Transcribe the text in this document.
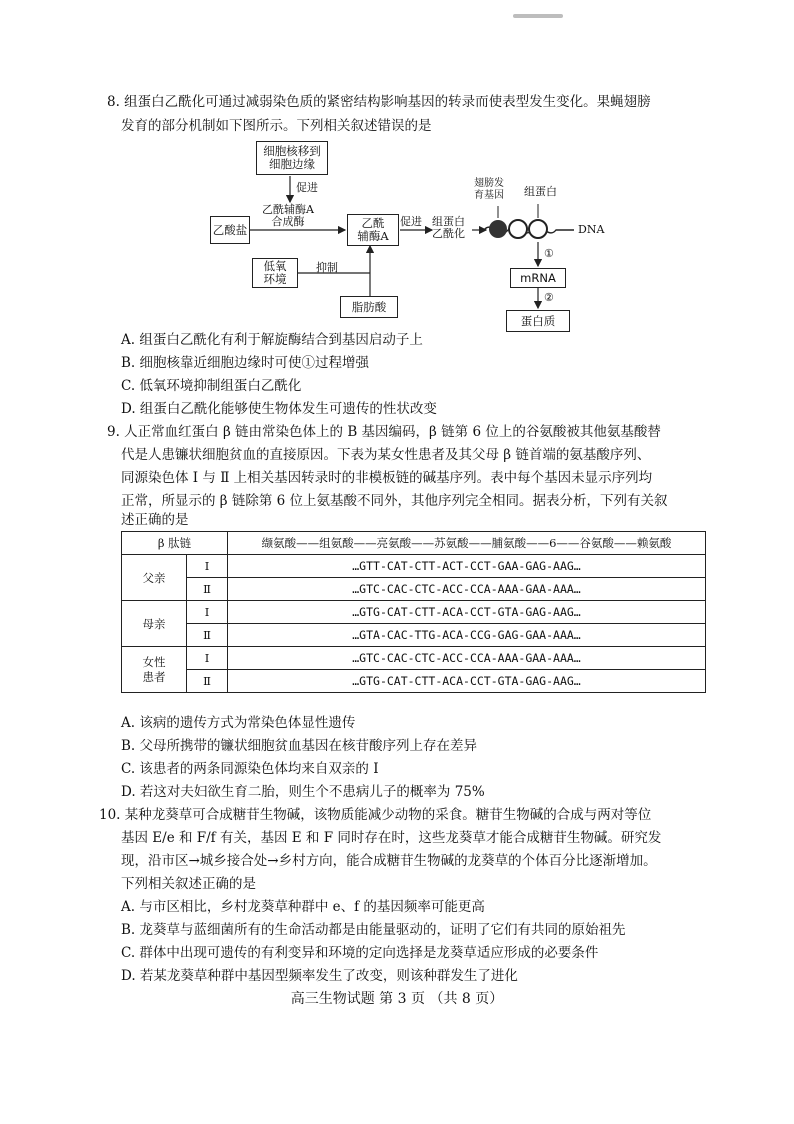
8. 组蛋白乙酰化可通过减弱染色质的紧密结构影响基因的转录而使表型发生变化。果蝇翅膀
发育的部分机制如下图所示。下列相关叙述错误的是
细胞核移到
细胞边缘
促进
乙酰辅酶A
合成酶
乙酸盐	乙酰
辅酶A
促进 组蛋白
乙酰化
低氧
环境
抑制
脂肪酸
翅膀发
育基因 组蛋白
DNA
①
mRNA
②
蛋白质
A. 组蛋白乙酰化有利于解旋酶结合到基因启动子上
B. 细胞核靠近细胞边缘时可使①过程增强
C. 低氧环境抑制组蛋白乙酰化
D. 组蛋白乙酰化能够使生物体发生可遗传的性状改变
9. 人正常血红蛋白 β 链由常染色体上的 B 基因编码，β 链第 6 位上的谷氨酸被其他氨基酸替
代是人患镰状细胞贫血的直接原因。下表为某女性患者及其父母 β 链首端的氨基酸序列、
同源染色体 Ⅰ 与 Ⅱ 上相关基因转录时的非模板链的碱基序列。表中每个基因未显示序列均
正常，所显示的 β 链除第 6 位上氨基酸不同外，其他序列完全相同。据表分析，下列有关叙
述正确的是
β 肽链		缬氨酸——组氨酸——亮氨酸——苏氨酸——脯氨酸——6——谷氨酸——赖氨酸
父亲	Ⅰ	…GTT-CAT-CTT-ACT-CCT-GAA-GAG-AAG…
	Ⅱ	…GTC-CAC-CTC-ACC-CCA-AAA-GAA-AAA…
母亲	Ⅰ	…GTG-CAT-CTT-ACA-CCT-GTA-GAG-AAG…
	Ⅱ	…GTA-CAC-TTG-ACA-CCG-GAG-GAA-AAA…
女性
患者	Ⅰ	…GTC-CAC-CTC-ACC-CCA-AAA-GAA-AAA…
	Ⅱ	…GTG-CAT-CTT-ACA-CCT-GTA-GAG-AAG…
A. 该病的遗传方式为常染色体显性遗传
B. 父母所携带的镰状细胞贫血基因在核苷酸序列上存在差异
C. 该患者的两条同源染色体均来自双亲的 Ⅰ
D. 若这对夫妇欲生育二胎，则生个不患病儿子的概率为 75%
10. 某种龙葵草可合成糖苷生物碱，该物质能减少动物的采食。糖苷生物碱的合成与两对等位
基因 E/e 和 F/f 有关，基因 E 和 F 同时存在时，这些龙葵草才能合成糖苷生物碱。研究发
现，沿市区→城乡接合处→乡村方向，能合成糖苷生物碱的龙葵草的个体百分比逐渐增加。
下列相关叙述正确的是
A. 与市区相比，乡村龙葵草种群中 e、f 的基因频率可能更高
B. 龙葵草与蓝细菌所有的生命活动都是由能量驱动的，证明了它们有共同的原始祖先
C. 群体中出现可遗传的有利变异和环境的定向选择是龙葵草适应形成的必要条件
D. 若某龙葵草种群中基因型频率发生了改变，则该种群发生了进化
高三生物试题 第 3 页 （共 8 页）
